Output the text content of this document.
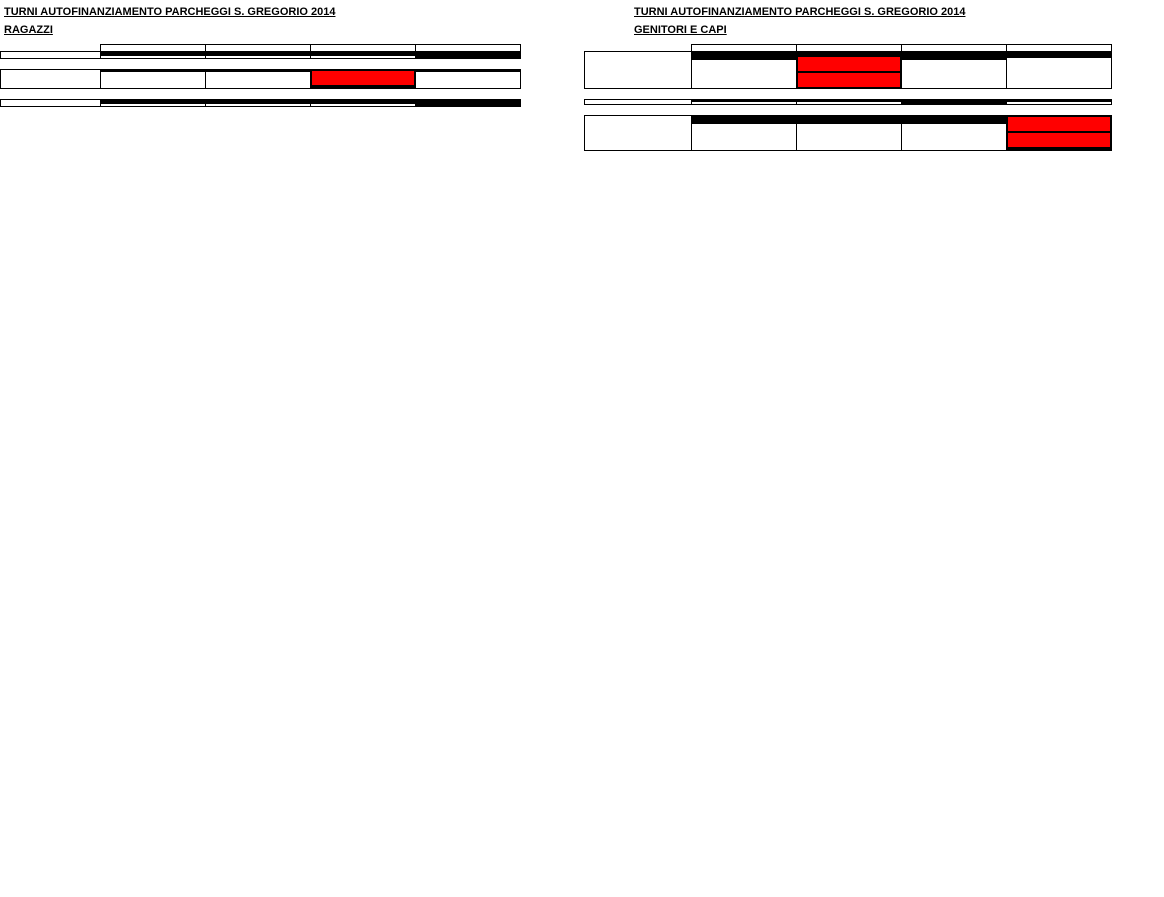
TURNI AUTOFINANZIAMENTO PARCHEGGI S. GREGORIO 2014
RAGAZZI

TURNI AUTOFINANZIAMENTO PARCHEGGI S. GREGORIO 2014
GENITORI E CAPI
